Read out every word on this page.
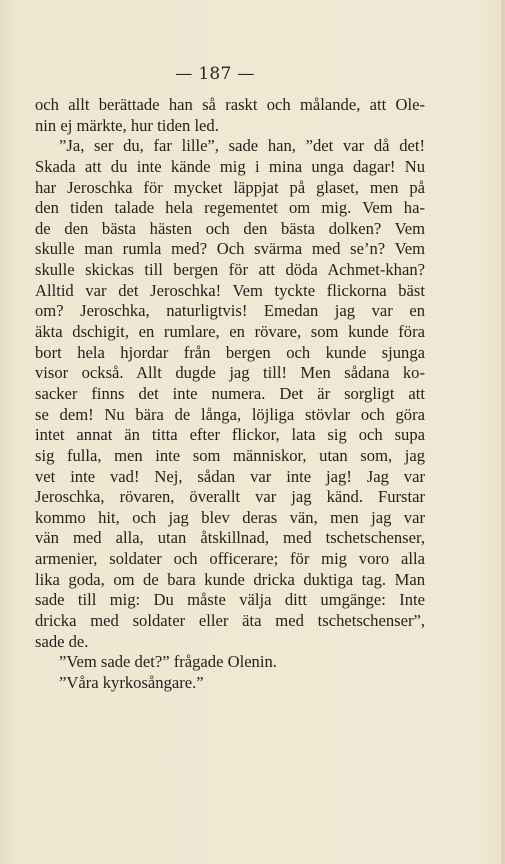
— 187 —
och allt berättade han så raskt och målande, att Ole-
nin ej märkte, hur tiden led.
”Ja, ser du, far lille”, sade han, ”det var då det!
Skada att du inte kände mig i mina unga dagar! Nu
har Jeroschka för mycket läppjat på glaset, men på
den tiden talade hela regementet om mig. Vem ha-
de den bästa hästen och den bästa dolken? Vem
skulle man rumla med? Och svärma med se’n? Vem
skulle skickas till bergen för att döda Achmet-khan?
Alltid var det Jeroschka! Vem tyckte flickorna bäst
om? Jeroschka, naturligtvis! Emedan jag var en
äkta dschigit, en rumlare, en rövare, som kunde föra
bort hela hjordar från bergen och kunde sjunga
visor också. Allt dugde jag till! Men sådana ko-
sacker finns det inte numera. Det är sorgligt att
se dem! Nu bära de långa, löjliga stövlar och göra
intet annat än titta efter flickor, lata sig och supa
sig fulla, men inte som människor, utan som, jag
vet inte vad! Nej, sådan var inte jag! Jag var
Jeroschka, rövaren, överallt var jag känd. Furstar
kommo hit, och jag blev deras vän, men jag var
vän med alla, utan åtskillnad, med tschetschenser,
armenier, soldater och officerare; för mig voro alla
lika goda, om de bara kunde dricka duktiga tag. Man
sade till mig: Du måste välja ditt umgänge: Inte
dricka med soldater eller äta med tschetschenser”,
sade de.
”Vem sade det?” frågade Olenin.
”Våra kyrkosångare.”
